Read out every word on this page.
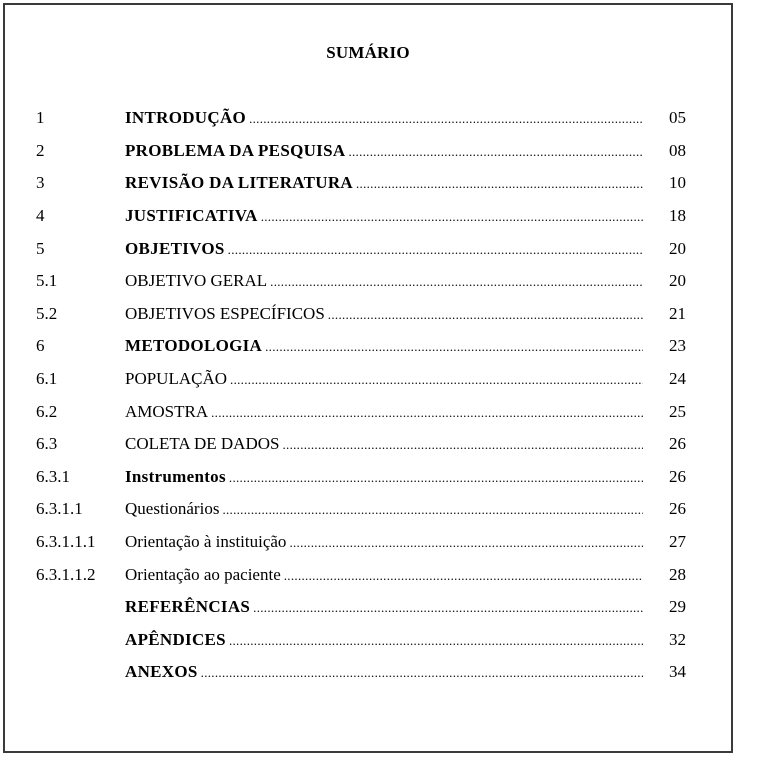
SUMÁRIO
1	INTRODUÇÃO .....	05
2	PROBLEMA DA PESQUISA .....	08
3	REVISÃO DA LITERATURA .....	10
4	JUSTIFICATIVA .....	18
5	OBJETIVOS .....	20
5.1	OBJETIVO GERAL .....	20
5.2	OBJETIVOS ESPECÍFICOS .....	21
6	METODOLOGIA .....	23
6.1	POPULAÇÃO .....	24
6.2	AMOSTRA .....	25
6.3	COLETA DE DADOS .....	26
6.3.1	Instrumentos .....	26
6.3.1.1	Questionários .....	26
6.3.1.1.1	Orientação à instituição .....	27
6.3.1.1.2	Orientação ao paciente .....	28
REFERÊNCIAS .....	29
APÊNDICES .....	32
ANEXOS .....	34
